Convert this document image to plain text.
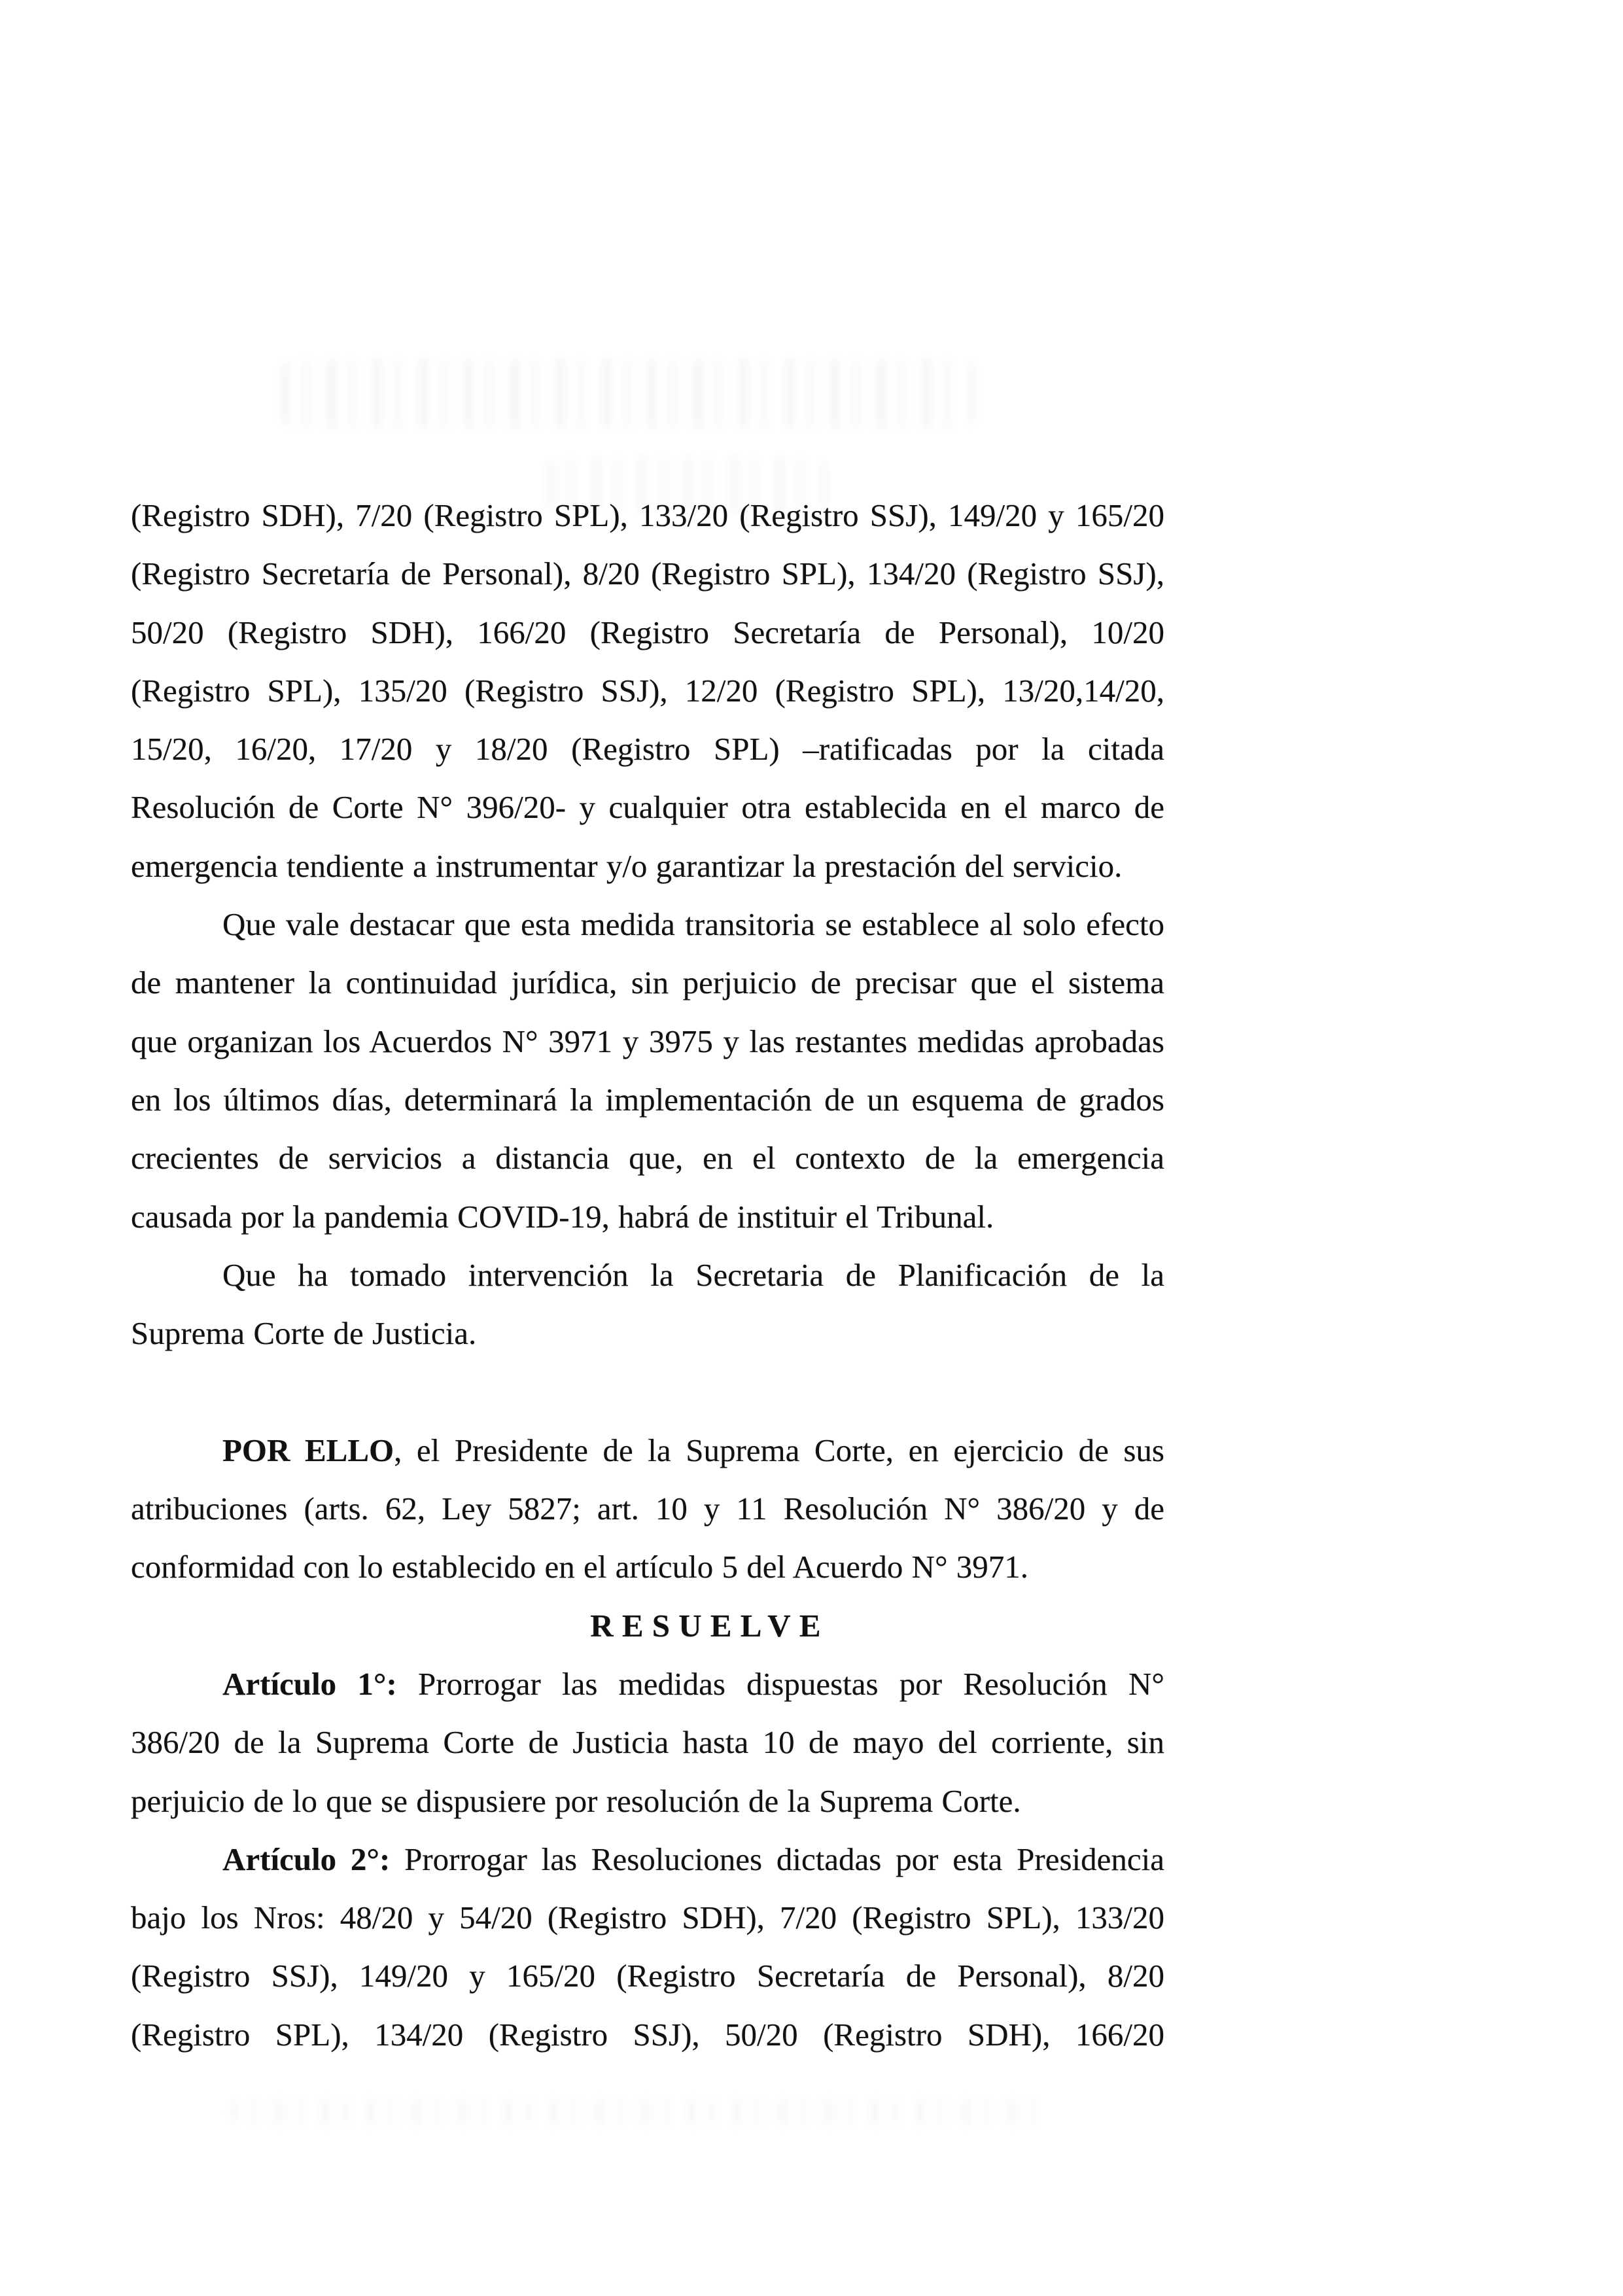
(Registro SDH), 7/20 (Registro SPL), 133/20 (Registro SSJ), 149/20 y 165/20
(Registro Secretaría de Personal), 8/20 (Registro SPL), 134/20 (Registro SSJ),
50/20 (Registro SDH), 166/20 (Registro Secretaría de Personal), 10/20
(Registro SPL), 135/20 (Registro SSJ), 12/20 (Registro SPL), 13/20,14/20,
15/20, 16/20, 17/20 y 18/20 (Registro SPL) –ratificadas por la citada
Resolución de Corte N° 396/20- y cualquier otra establecida en el marco de
emergencia tendiente a instrumentar y/o garantizar la prestación del servicio.
Que vale destacar que esta medida transitoria se establece al solo efecto
de mantener la continuidad jurídica, sin perjuicio de precisar que el sistema
que organizan los Acuerdos N° 3971 y 3975 y las restantes medidas aprobadas
en los últimos días, determinará la implementación de un esquema de grados
crecientes de servicios a distancia que, en el contexto de la emergencia
causada por la pandemia COVID-19, habrá de instituir el Tribunal.
Que ha tomado intervención la Secretaria de Planificación de la
Suprema Corte de Justicia.
POR ELLO, el Presidente de la Suprema Corte, en ejercicio de sus
atribuciones (arts. 62, Ley 5827; art. 10 y 11 Resolución N° 386/20 y de
conformidad con lo establecido en el artículo 5 del Acuerdo N° 3971.
RESUELVE
Artículo 1°: Prorrogar las medidas dispuestas por Resolución N°
386/20 de la Suprema Corte de Justicia hasta 10 de mayo del corriente, sin
perjuicio de lo que se dispusiere por resolución de la Suprema Corte.
Artículo 2°: Prorrogar las Resoluciones dictadas por esta Presidencia
bajo los Nros: 48/20 y 54/20 (Registro SDH), 7/20 (Registro SPL), 133/20
(Registro SSJ), 149/20 y 165/20 (Registro Secretaría de Personal), 8/20
(Registro SPL), 134/20 (Registro SSJ), 50/20 (Registro SDH), 166/20
